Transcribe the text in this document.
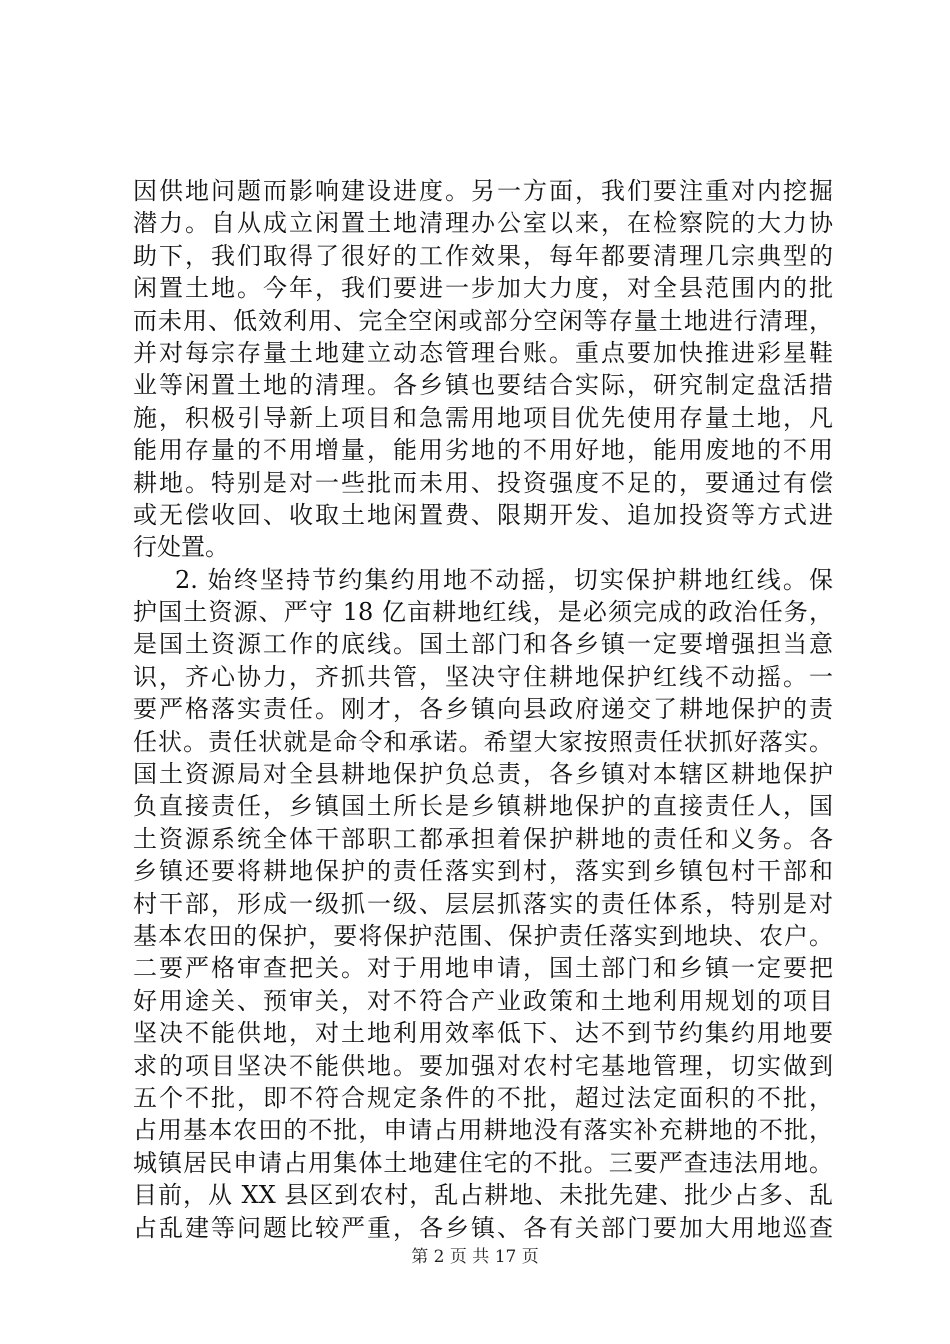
因供地问题而影响建设进度。另一方面，我们要注重对内挖掘
潜力。自从成立闲置土地清理办公室以来，在检察院的大力协
助下，我们取得了很好的工作效果，每年都要清理几宗典型的
闲置土地。今年，我们要进一步加大力度，对全县范围内的批
而未用、低效利用、完全空闲或部分空闲等存量土地进行清理，
并对每宗存量土地建立动态管理台账。重点要加快推进彩星鞋
业等闲置土地的清理。各乡镇也要结合实际，研究制定盘活措
施，积极引导新上项目和急需用地项目优先使用存量土地，凡
能用存量的不用增量，能用劣地的不用好地，能用废地的不用
耕地。特别是对一些批而未用、投资强度不足的，要通过有偿
或无偿收回、收取土地闲置费、限期开发、追加投资等方式进
行处置。
2. 始终坚持节约集约用地不动摇，切实保护耕地红线。保
护国土资源、严守 18 亿亩耕地红线，是必须完成的政治任务，
是国土资源工作的底线。国土部门和各乡镇一定要增强担当意
识，齐心协力，齐抓共管，坚决守住耕地保护红线不动摇。一
要严格落实责任。刚才，各乡镇向县政府递交了耕地保护的责
任状。责任状就是命令和承诺。希望大家按照责任状抓好落实。
国土资源局对全县耕地保护负总责，各乡镇对本辖区耕地保护
负直接责任，乡镇国土所长是乡镇耕地保护的直接责任人，国
土资源系统全体干部职工都承担着保护耕地的责任和义务。各
乡镇还要将耕地保护的责任落实到村，落实到乡镇包村干部和
村干部，形成一级抓一级、层层抓落实的责任体系，特别是对
基本农田的保护，要将保护范围、保护责任落实到地块、农户。
二要严格审查把关。对于用地申请，国土部门和乡镇一定要把
好用途关、预审关，对不符合产业政策和土地利用规划的项目
坚决不能供地，对土地利用效率低下、达不到节约集约用地要
求的项目坚决不能供地。要加强对农村宅基地管理，切实做到
五个不批，即不符合规定条件的不批，超过法定面积的不批，
占用基本农田的不批，申请占用耕地没有落实补充耕地的不批，
城镇居民申请占用集体土地建住宅的不批。三要严查违法用地。
目前，从 XX 县区到农村，乱占耕地、未批先建、批少占多、乱
占乱建等问题比较严重，各乡镇、各有关部门要加大用地巡查
第 2 页 共 17 页
